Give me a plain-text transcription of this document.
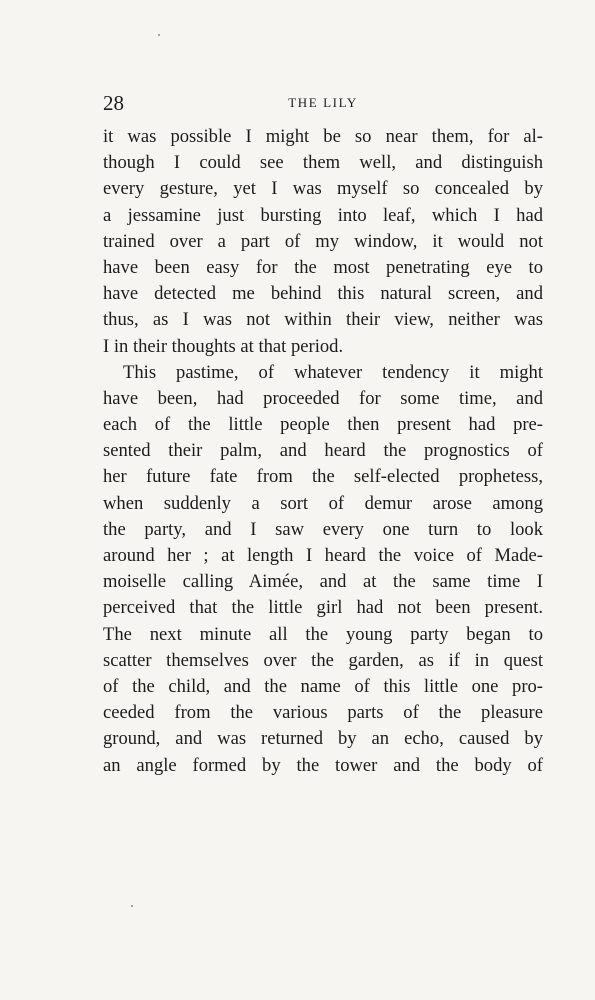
28	THE LILY
it was possible I might be so near them, for al-
though I could see them well, and distinguish
every gesture, yet I was myself so concealed by
a jessamine just bursting into leaf, which I had
trained over a part of my window, it would not
have been easy for the most penetrating eye to
have detected me behind this natural screen, and
thus, as I was not within their view, neither was
I in their thoughts at that period.
This pastime, of whatever tendency it might
have been, had proceeded for some time, and
each of the little people then present had pre-
sented their palm, and heard the prognostics of
her future fate from the self-elected prophetess,
when suddenly a sort of demur arose among
the party, and I saw every one turn to look
around her ; at length I heard the voice of Made-
moiselle calling Aimée, and at the same time I
perceived that the little girl had not been present.
The next minute all the young party began to
scatter themselves over the garden, as if in quest
of the child, and the name of this little one pro-
ceeded from the various parts of the pleasure
ground, and was returned by an echo, caused by
an angle formed by the tower and the body of
